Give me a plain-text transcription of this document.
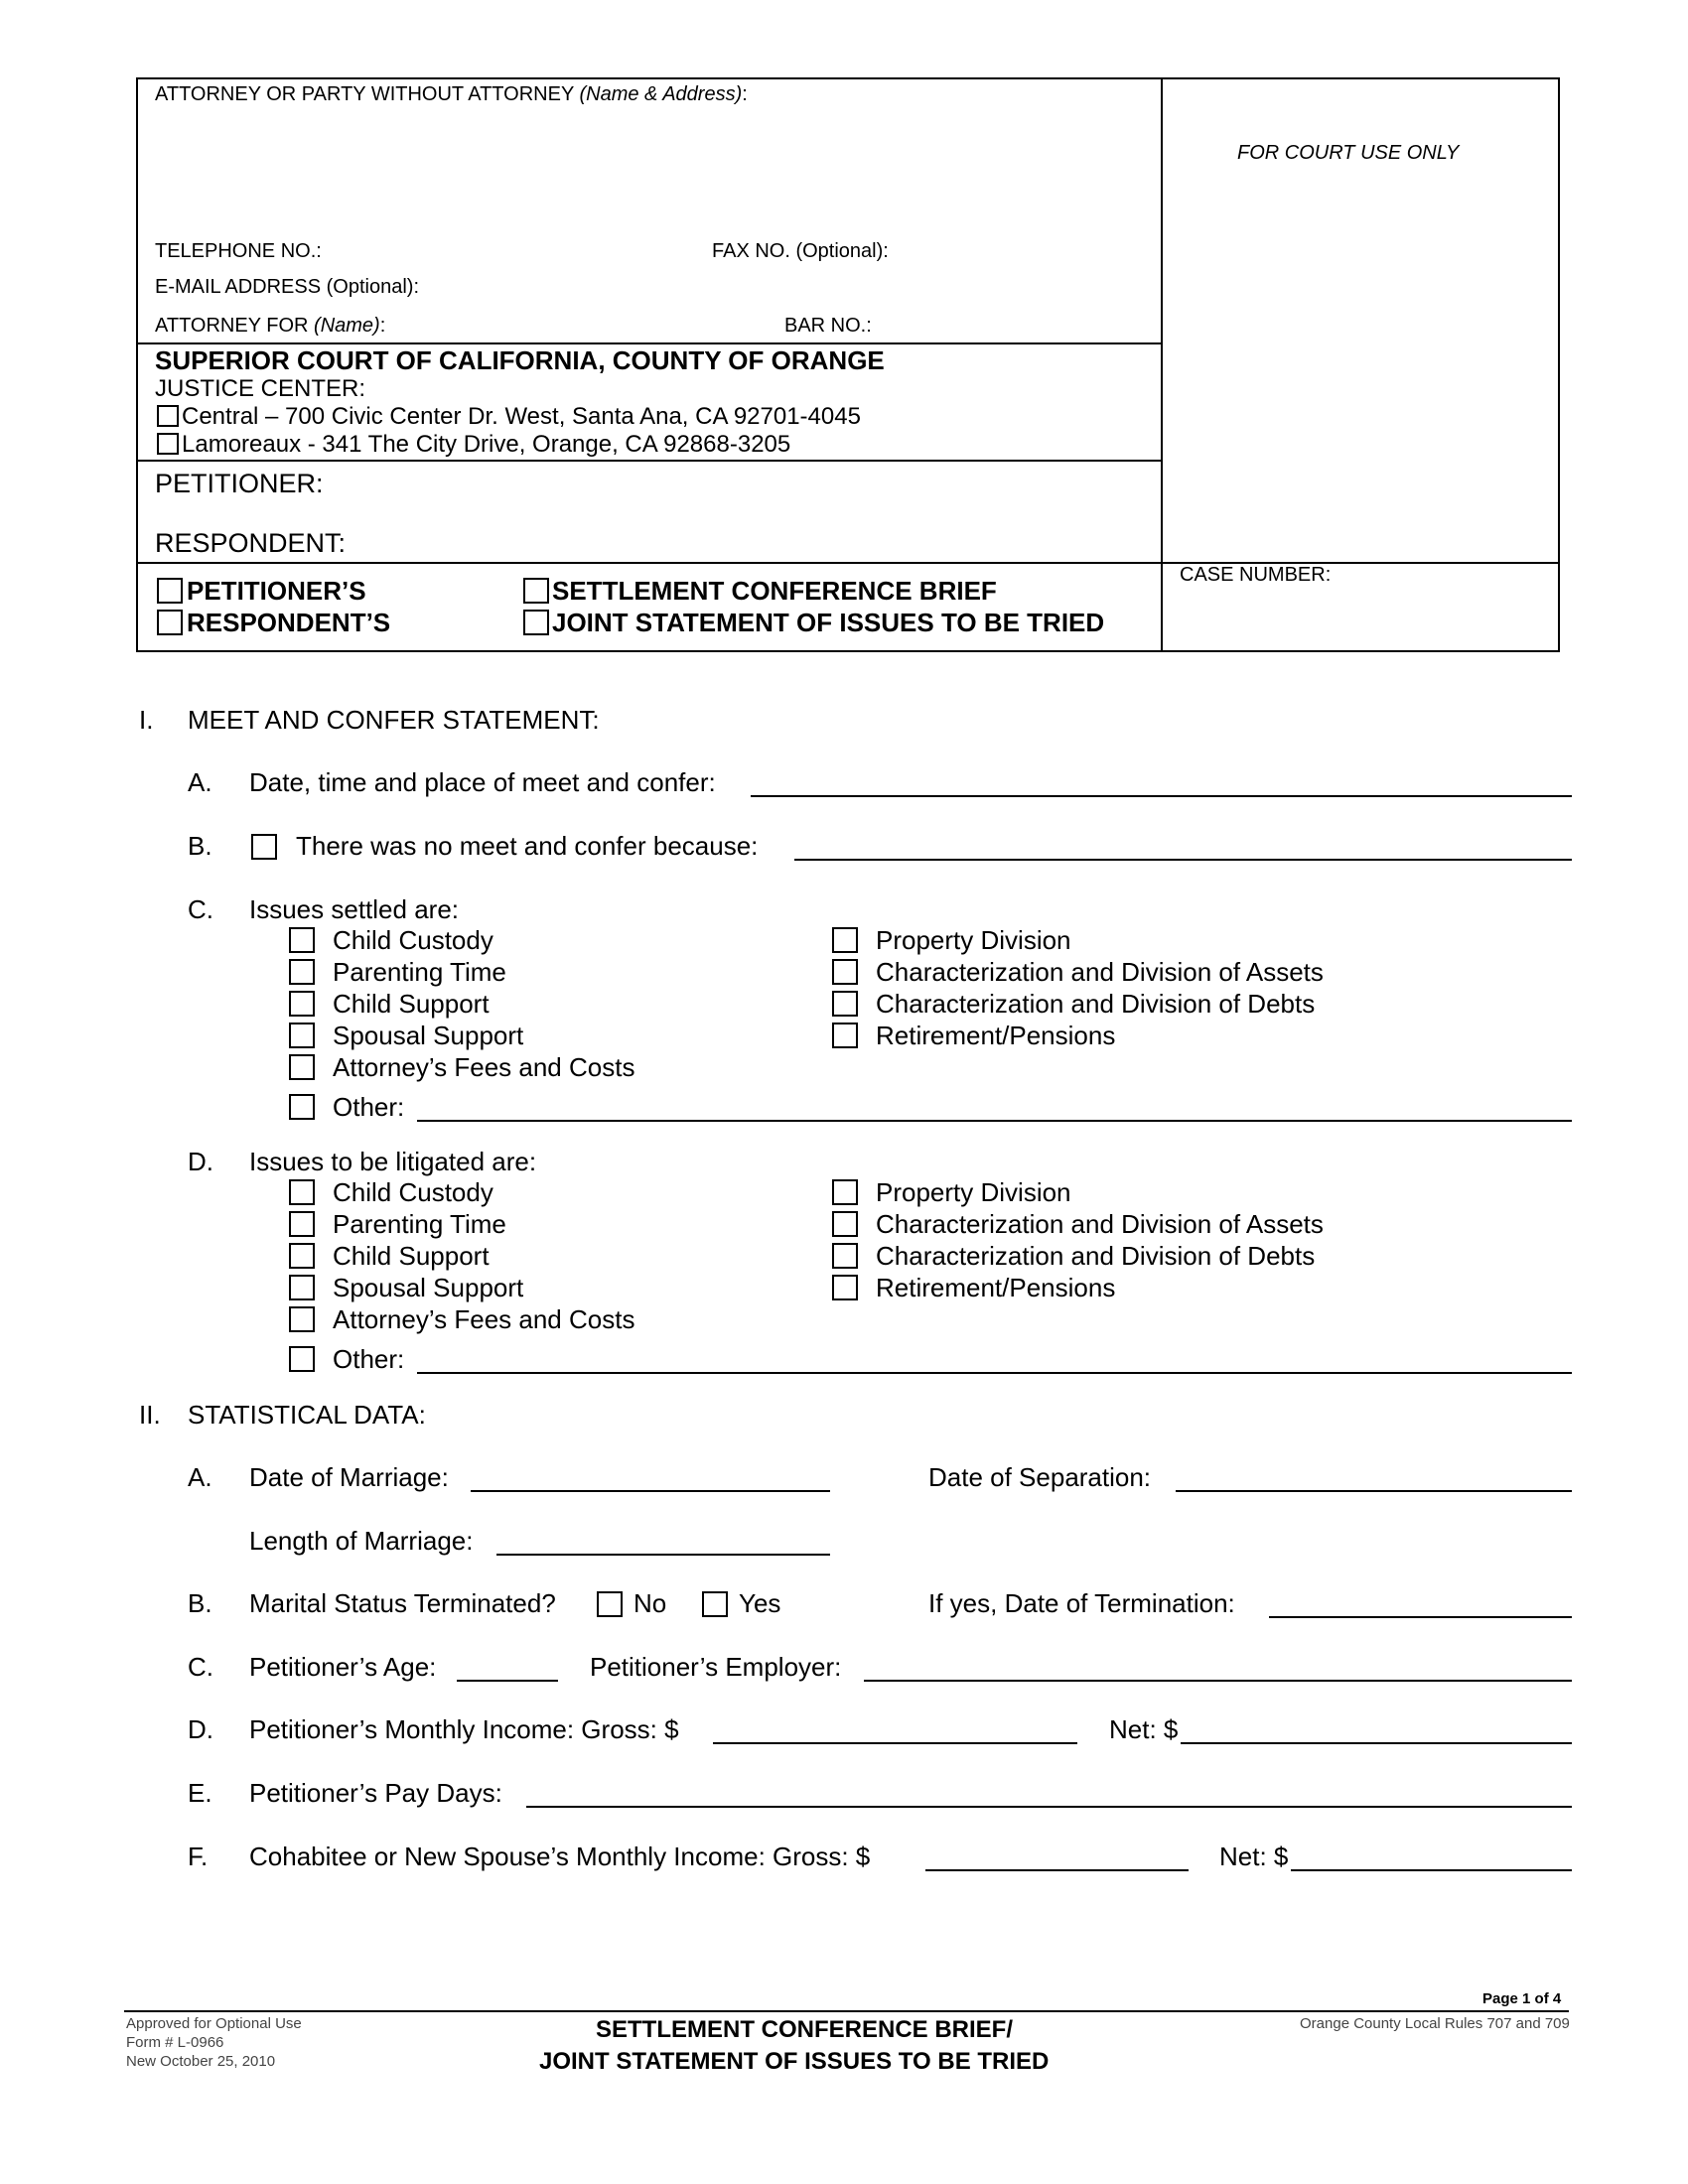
ATTORNEY OR PARTY WITHOUT ATTORNEY (Name & Address):
FOR COURT USE ONLY
TELEPHONE NO.:	FAX NO. (Optional):
E-MAIL ADDRESS (Optional):
ATTORNEY FOR (Name):	BAR NO.:
SUPERIOR COURT OF CALIFORNIA, COUNTY OF ORANGE
JUSTICE CENTER:
Central – 700 Civic Center Dr. West, Santa Ana, CA 92701-4045
Lamoreaux - 341 The City Drive, Orange, CA 92868-3205
PETITIONER:
RESPONDENT:
PETITIONER’S
RESPONDENT’S
SETTLEMENT CONFERENCE BRIEF
JOINT STATEMENT OF ISSUES TO BE TRIED
CASE NUMBER:
I. MEET AND CONFER STATEMENT:
A. Date, time and place of meet and confer:
B.	There was no meet and confer because:
C. Issues settled are:
Child Custody
Parenting Time
Child Support
Spousal Support
Attorney’s Fees and Costs
Other:
Property Division
Characterization and Division of Assets
Characterization and Division of Debts
Retirement/Pensions
D. Issues to be litigated are:
Child Custody
Parenting Time
Child Support
Spousal Support
Attorney’s Fees and Costs
Other:
Property Division
Characterization and Division of Assets
Characterization and Division of Debts
Retirement/Pensions
II. STATISTICAL DATA:
A. Date of Marriage:	Date of Separation:
Length of Marriage:
B. Marital Status Terminated?	No	Yes	If yes, Date of Termination:
C. Petitioner’s Age:	Petitioner’s Employer:
D. Petitioner’s Monthly Income: Gross: $	Net: $
E. Petitioner’s Pay Days:
F. Cohabitee or New Spouse’s Monthly Income: Gross: $	Net: $
Page 1 of 4
Approved for Optional Use
Form # L-0966
New October 25, 2010
SETTLEMENT CONFERENCE BRIEF/
JOINT STATEMENT OF ISSUES TO BE TRIED
Orange County Local Rules 707 and 709
